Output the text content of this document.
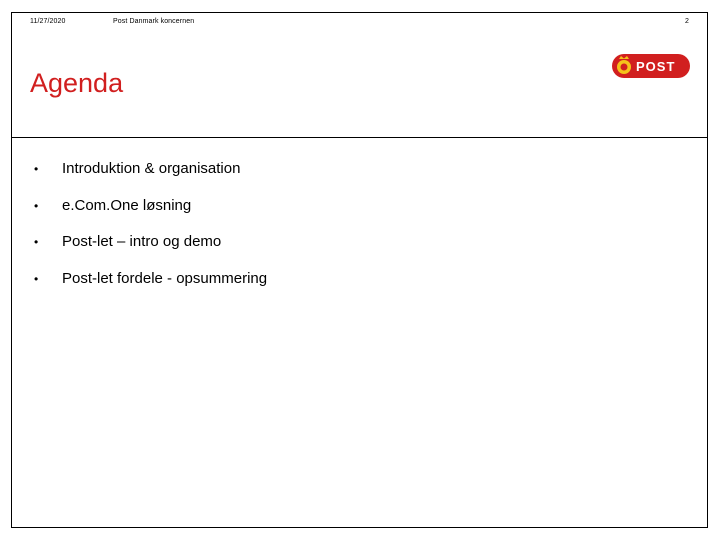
11/27/2020	Post Danmark koncernen	2
POST
Agenda
• Introduktion & organisation
• e.Com.One løsning
• Post-let – intro og demo
• Post-let fordele - opsummering
